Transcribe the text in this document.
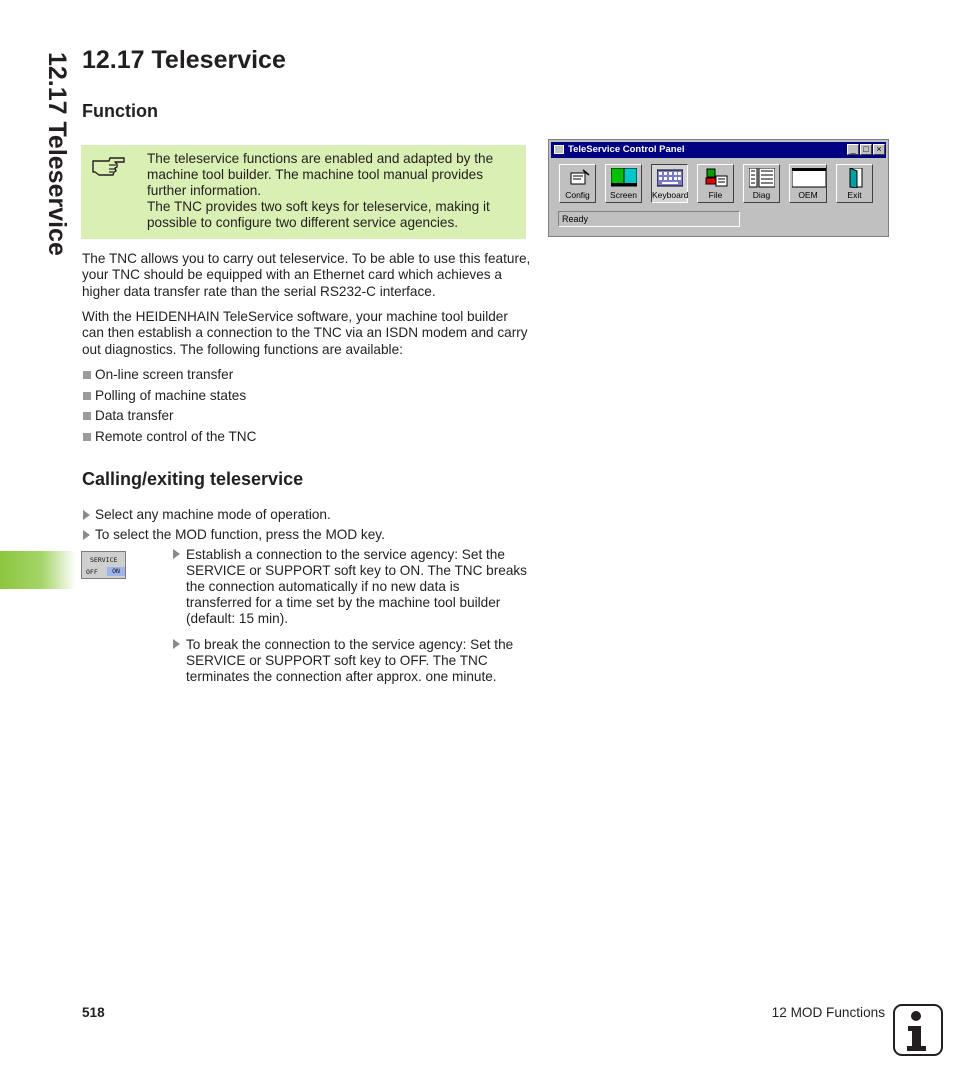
12.17 Teleservice 12.17 Teleservice
Function

The teleservice functions are enabled and adapted by the machine tool builder. The machine tool manual provides further information.

The TNC provides two soft keys for teleservice, making it possible to configure two different service agencies.

TeleService Control Panel	_ □ ×
Config	Screen	Keyboard	File	Diag	OEM	Exit
Ready

The TNC allows you to carry out teleservice. To be able to use this feature, your TNC should be equipped with an Ethernet card which achieves a higher data transfer rate than the serial RS232-C interface.

With the HEIDENHAIN TeleService software, your machine tool builder can then establish a connection to the TNC via an ISDN modem and carry out diagnostics. The following functions are available:

On-line screen transfer
Polling of machine states
Data transfer
Remote control of the TNC
Calling/exiting teleservice
Select any machine mode of operation.
To select the MOD function, press the MOD key.
SERVICE
OFF	ON
Establish a connection to the service agency: Set the SERVICE or SUPPORT soft key to ON. The TNC breaks the connection automatically if no new data is transferred for a time set by the machine tool builder (default: 15 min).
To break the connection to the service agency: Set the SERVICE or SUPPORT soft key to OFF. The TNC terminates the connection after approx. one minute.
518	12 MOD Functions
